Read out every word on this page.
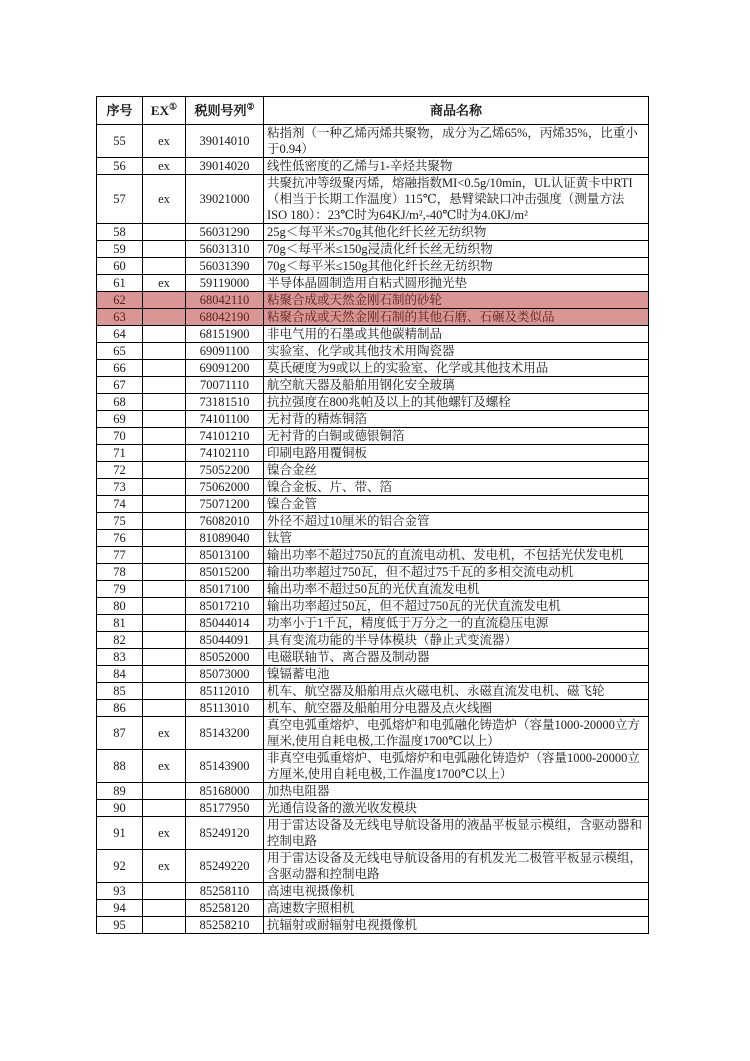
序号	EX①	税则号列②	商品名称
55	ex	39014010	粘指剂（一种乙烯丙烯共聚物，成分为乙烯65%，丙烯35%，比重小于0.94）
56	ex	39014020	线性低密度的乙烯与1-辛烃共聚物
57	ex	39021000	共聚抗冲等级聚丙烯，熔融指数MI<0.5g/10min，UL认证黄卡中RTI（相当于长期工作温度）115℃，悬臂梁缺口冲击强度（测量方法ISO 180）：23℃时为64KJ/m²,-40℃时为4.0KJ/m²
58		56031290	25g＜每平米≤70g其他化纤长丝无纺织物
59		56031310	70g＜每平米≤150g浸渍化纤长丝无纺织物
60		56031390	70g＜每平米≤150g其他化纤长丝无纺织物
61	ex	59119000	半导体晶圆制造用自粘式圆形抛光垫
62		68042110	粘聚合成或天然金刚石制的砂轮
63		68042190	粘聚合成或天然金刚石制的其他石磨、石碾及类似品
64		68151900	非电气用的石墨或其他碳精制品
65		69091100	实验室、化学或其他技术用陶瓷器
66		69091200	莫氏硬度为9或以上的实验室、化学或其他技术用品
67		70071110	航空航天器及船舶用钢化安全玻璃
68		73181510	抗拉强度在800兆帕及以上的其他螺钉及螺栓
69		74101100	无衬背的精炼铜箔
70		74101210	无衬背的白铜或德银铜箔
71		74102110	印刷电路用覆铜板
72		75052200	镍合金丝
73		75062000	镍合金板、片、带、箔
74		75071200	镍合金管
75		76082010	外径不超过10厘米的铝合金管
76		81089040	钛管
77		85013100	输出功率不超过750瓦的直流电动机、发电机，不包括光伏发电机
78		85015200	输出功率超过750瓦，但不超过75千瓦的多相交流电动机
79		85017100	输出功率不超过50瓦的光伏直流发电机
80		85017210	输出功率超过50瓦，但不超过750瓦的光伏直流发电机
81		85044014	功率小于1千瓦，精度低于万分之一的直流稳压电源
82		85044091	具有变流功能的半导体模块（静止式变流器）
83		85052000	电磁联轴节、离合器及制动器
84		85073000	镍镉蓄电池
85		85112010	机车、航空器及船舶用点火磁电机、永磁直流发电机、磁飞轮
86		85113010	机车、航空器及船舶用分电器及点火线圈
87	ex	85143200	真空电弧重熔炉、电弧熔炉和电弧融化铸造炉（容量1000-20000立方厘米,使用自耗电极,工作温度1700℃以上）
88	ex	85143900	非真空电弧重熔炉、电弧熔炉和电弧融化铸造炉（容量1000-20000立方厘米,使用自耗电极,工作温度1700℃以上）
89		85168000	加热电阻器
90		85177950	光通信设备的激光收发模块
91	ex	85249120	用于雷达设备及无线电导航设备用的液晶平板显示模组，含驱动器和控制电路
92	ex	85249220	用于雷达设备及无线电导航设备用的有机发光二极管平板显示模组，含驱动器和控制电路
93		85258110	高速电视摄像机
94		85258120	高速数字照相机
95		85258210	抗辐射或耐辐射电视摄像机
